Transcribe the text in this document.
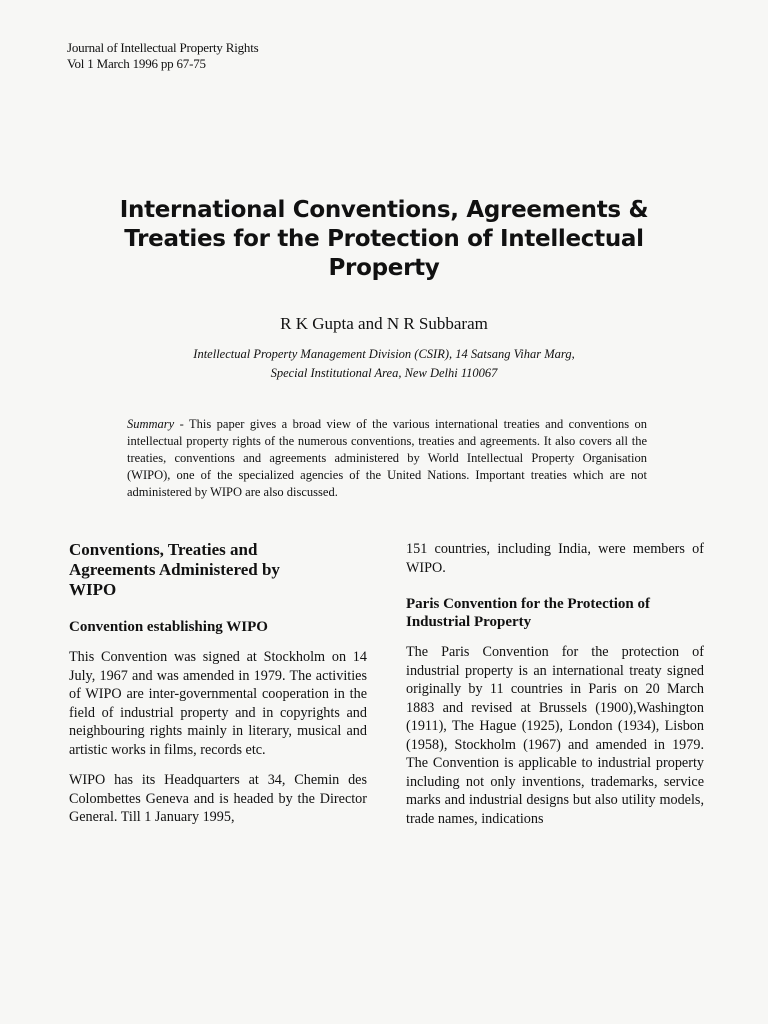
Journal of Intellectual Property Rights
Vol 1 March 1996 pp 67-75
International Conventions, Agreements & Treaties for the Protection of Intellectual Property
R K Gupta and N R Subbaram
Intellectual Property Management Division (CSIR), 14 Satsang Vihar Marg,
Special Institutional Area, New Delhi 110067
Summary - This paper gives a broad view of the various international treaties and conventions on intellectual property rights of the numerous conventions, treaties and agreements. It also covers all the treaties, conventions and agreements administered by World Intellectual Property Organisation (WIPO), one of the specialized agencies of the United Nations. Important treaties which are not administered by WIPO are also discussed.
Conventions, Treaties and Agreements Administered by WIPO
Convention establishing WIPO

This Convention was signed at Stockholm on 14 July, 1967 and was amended in 1979. The activities of WIPO are inter-governmental cooperation in the field of industrial property and in copyrights and neighbouring rights mainly in literary, musical and artistic works in films, records etc.

WIPO has its Headquarters at 34, Chemin des Colombettes Geneva and is headed by the Director General. Till 1 January 1995,

151 countries, including India, were members of WIPO.

Paris Convention for the Protection of Industrial Property

The Paris Convention for the protection of industrial property is an international treaty signed originally by 11 countries in Paris on 20 March 1883 and revised at Brussels (1900),Washington (1911), The Hague (1925), London (1934), Lisbon (1958), Stockholm (1967) and amended in 1979. The Convention is applicable to industrial property including not only inventions, trademarks, service marks and industrial designs but also utility models, trade names, indications
